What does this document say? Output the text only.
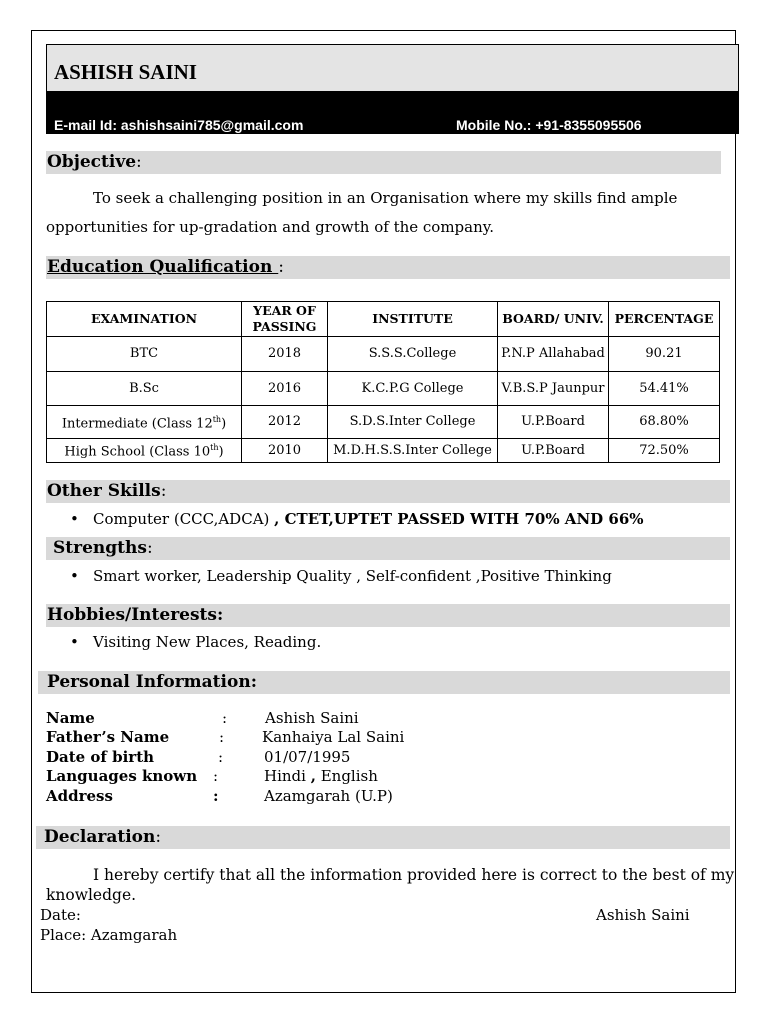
ASHISH SAINI
E-mail Id: ashishsaini785@gmail.com	Mobile No.: +91-8355095506
Objective:
To seek a challenging position in an Organisation where my skills find ample
opportunities for up-gradation and growth of the company.
Education Qualification :
EXAMINATION	YEAR OF PASSING	INSTITUTE	BOARD/ UNIV.	PERCENTAGE
BTC	2018	S.S.S.College	P.N.P Allahabad	90.21
B.Sc	2016	K.C.P.G College	V.B.S.P Jaunpur	54.41%
Intermediate (Class 12th)	2012	S.D.S.Inter College	U.P.Board	68.80%
High School (Class 10th)	2010	M.D.H.S.S.Inter College	U.P.Board	72.50%
Other Skills:
• Computer (CCC,ADCA) , CTET,UPTET PASSED WITH 70% AND 66%
Strengths:
• Smart worker, Leadership Quality , Self-confident ,Positive Thinking
Hobbies/Interests:
• Visiting New Places, Reading.
Personal Information:
Name	:	Ashish Saini
Father’s Name	:	Kanhaiya Lal Saini
Date of birth	:	01/07/1995
Languages known :	Hindi , English
Address	:	Azamgarah (U.P)
Declaration:
I hereby certify that all the information provided here is correct to the best of my
knowledge.
Date:	Ashish Saini
Place: Azamgarah
